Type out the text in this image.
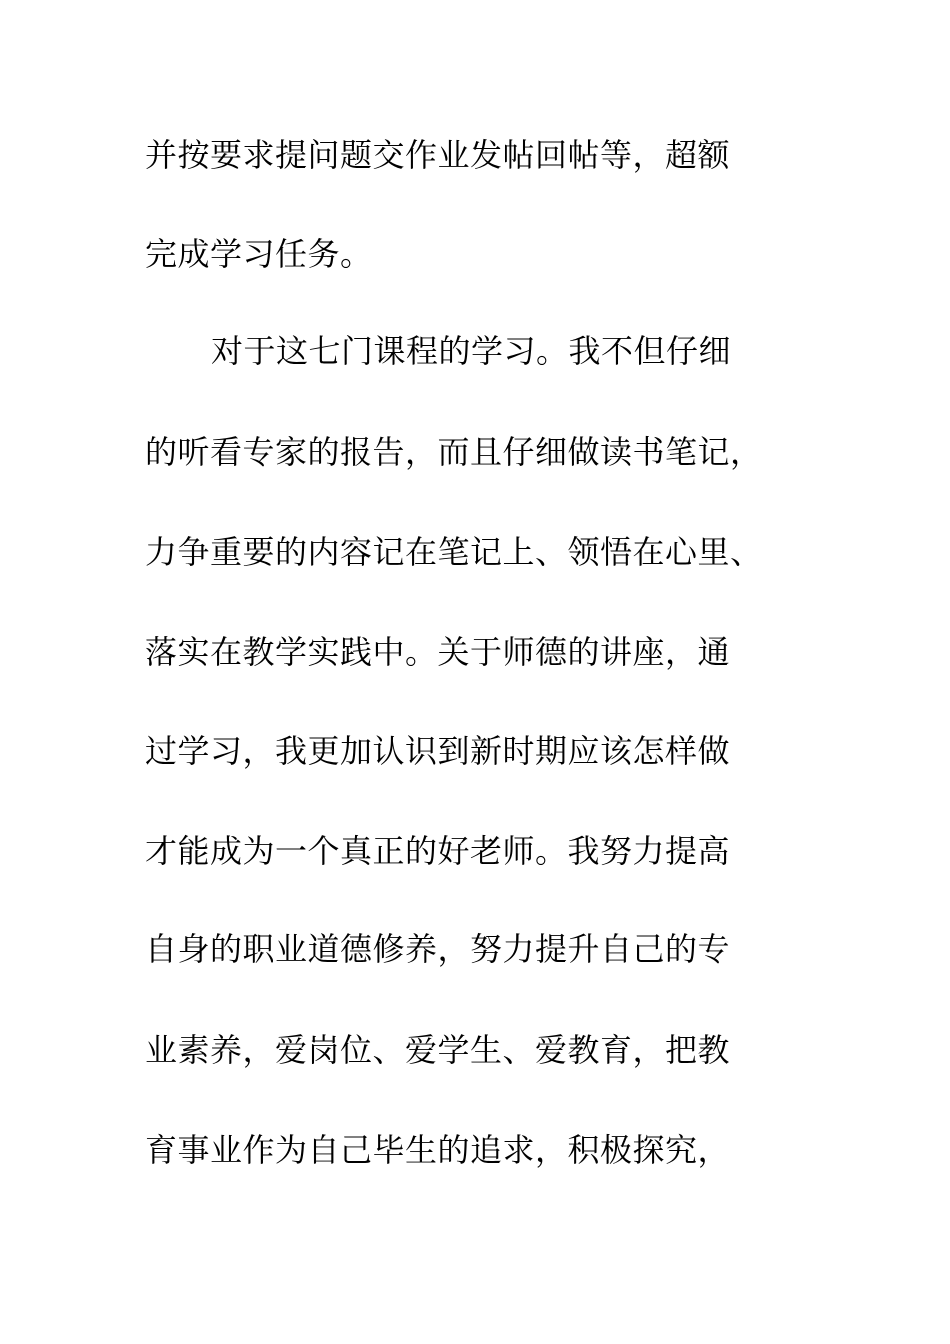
并按要求提问题交作业发帖回帖等，超额
完成学习任务。
对于这七门课程的学习。我不但仔细
的听看专家的报告，而且仔细做读书笔记，
力争重要的内容记在笔记上、领悟在心里、
落实在教学实践中。关于师德的讲座，通
过学习，我更加认识到新时期应该怎样做
才能成为一个真正的好老师。我努力提高
自身的职业道德修养，努力提升自己的专
业素养，爱岗位、爱学生、爱教育，把教
育事业作为自己毕生的追求，积极探究，
